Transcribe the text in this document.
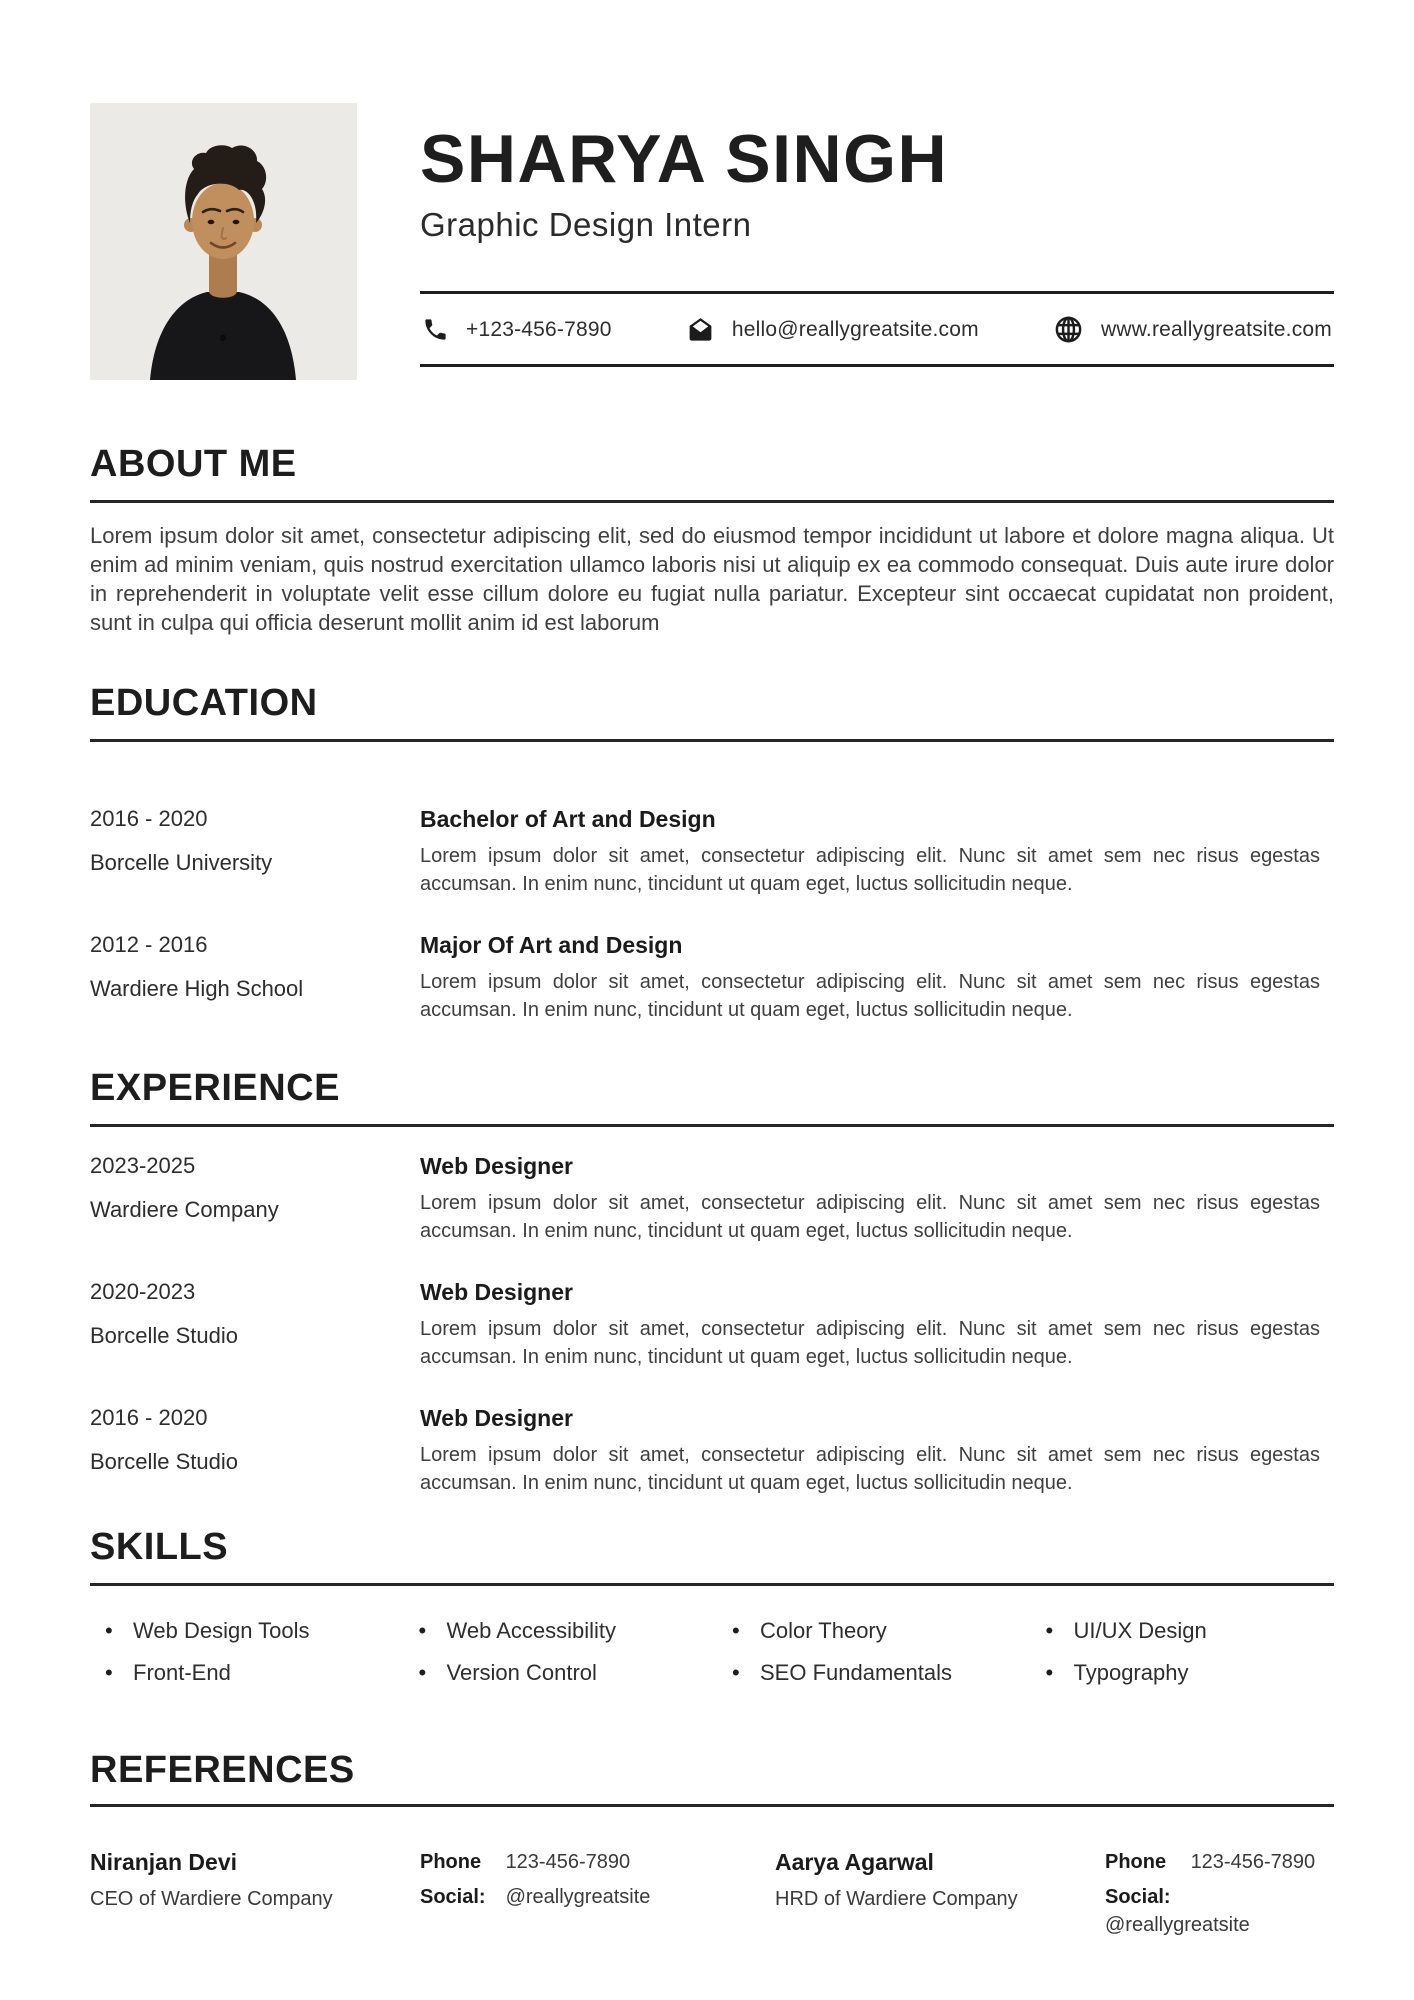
SHARYA SINGH
Graphic Design Intern
+123-456-7890	hello@reallygreatsite.com	www.reallygreatsite.com
ABOUT ME

Lorem ipsum dolor sit amet, consectetur adipiscing elit, sed do eiusmod tempor incididunt ut labore et dolore magna aliqua. Ut enim ad minim veniam, quis nostrud exercitation ullamco laboris nisi ut aliquip ex ea commodo consequat. Duis aute irure dolor in reprehenderit in voluptate velit esse cillum dolore eu fugiat nulla pariatur. Excepteur sint occaecat cupidatat non proident, sunt in culpa qui officia deserunt mollit anim id est laborum

EDUCATION
2016 - 2020
Borcelle University
Bachelor of Art and Design
Lorem ipsum dolor sit amet, consectetur adipiscing elit. Nunc sit amet sem nec risus egestas accumsan. In enim nunc, tincidunt ut quam eget, luctus sollicitudin neque.
2012 - 2016
Wardiere High School
Major Of Art and Design
Lorem ipsum dolor sit amet, consectetur adipiscing elit. Nunc sit amet sem nec risus egestas accumsan. In enim nunc, tincidunt ut quam eget, luctus sollicitudin neque.
EXPERIENCE
2023-2025
Wardiere Company
Web Designer
Lorem ipsum dolor sit amet, consectetur adipiscing elit. Nunc sit amet sem nec risus egestas accumsan. In enim nunc, tincidunt ut quam eget, luctus sollicitudin neque.
2020-2023
Borcelle Studio
Web Designer
Lorem ipsum dolor sit amet, consectetur adipiscing elit. Nunc sit amet sem nec risus egestas accumsan. In enim nunc, tincidunt ut quam eget, luctus sollicitudin neque.
2016 - 2020
Borcelle Studio
Web Designer
Lorem ipsum dolor sit amet, consectetur adipiscing elit. Nunc sit amet sem nec risus egestas accumsan. In enim nunc, tincidunt ut quam eget, luctus sollicitudin neque.
SKILLS
• Web Design Tools
• Front-End
• Web Accessibility
• Version Control
• Color Theory
• SEO Fundamentals
• UI/UX Design
• Typography
REFERENCES
Niranjan Devi
CEO of Wardiere Company
Phone 123-456-7890
Social: @reallygreatsite
Aarya Agarwal
HRD of Wardiere Company
Phone 123-456-7890
Social: @reallygreatsite
